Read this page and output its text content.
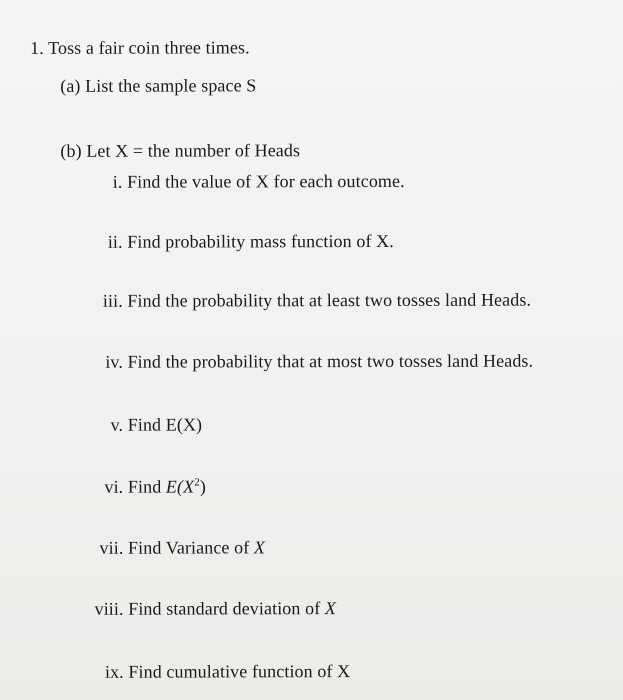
1. Toss a fair coin three times.
(a) List the sample space S
(b) Let X = the number of Heads
i. Find the value of X for each outcome.
ii. Find probability mass function of X.
iii. Find the probability that at least two tosses land Heads.
iv. Find the probability that at most two tosses land Heads.
v. Find E(X)
vi. Find $E(X^2)$
vii. Find Variance of X
viii. Find standard deviation of X
ix. Find cumulative function of X
